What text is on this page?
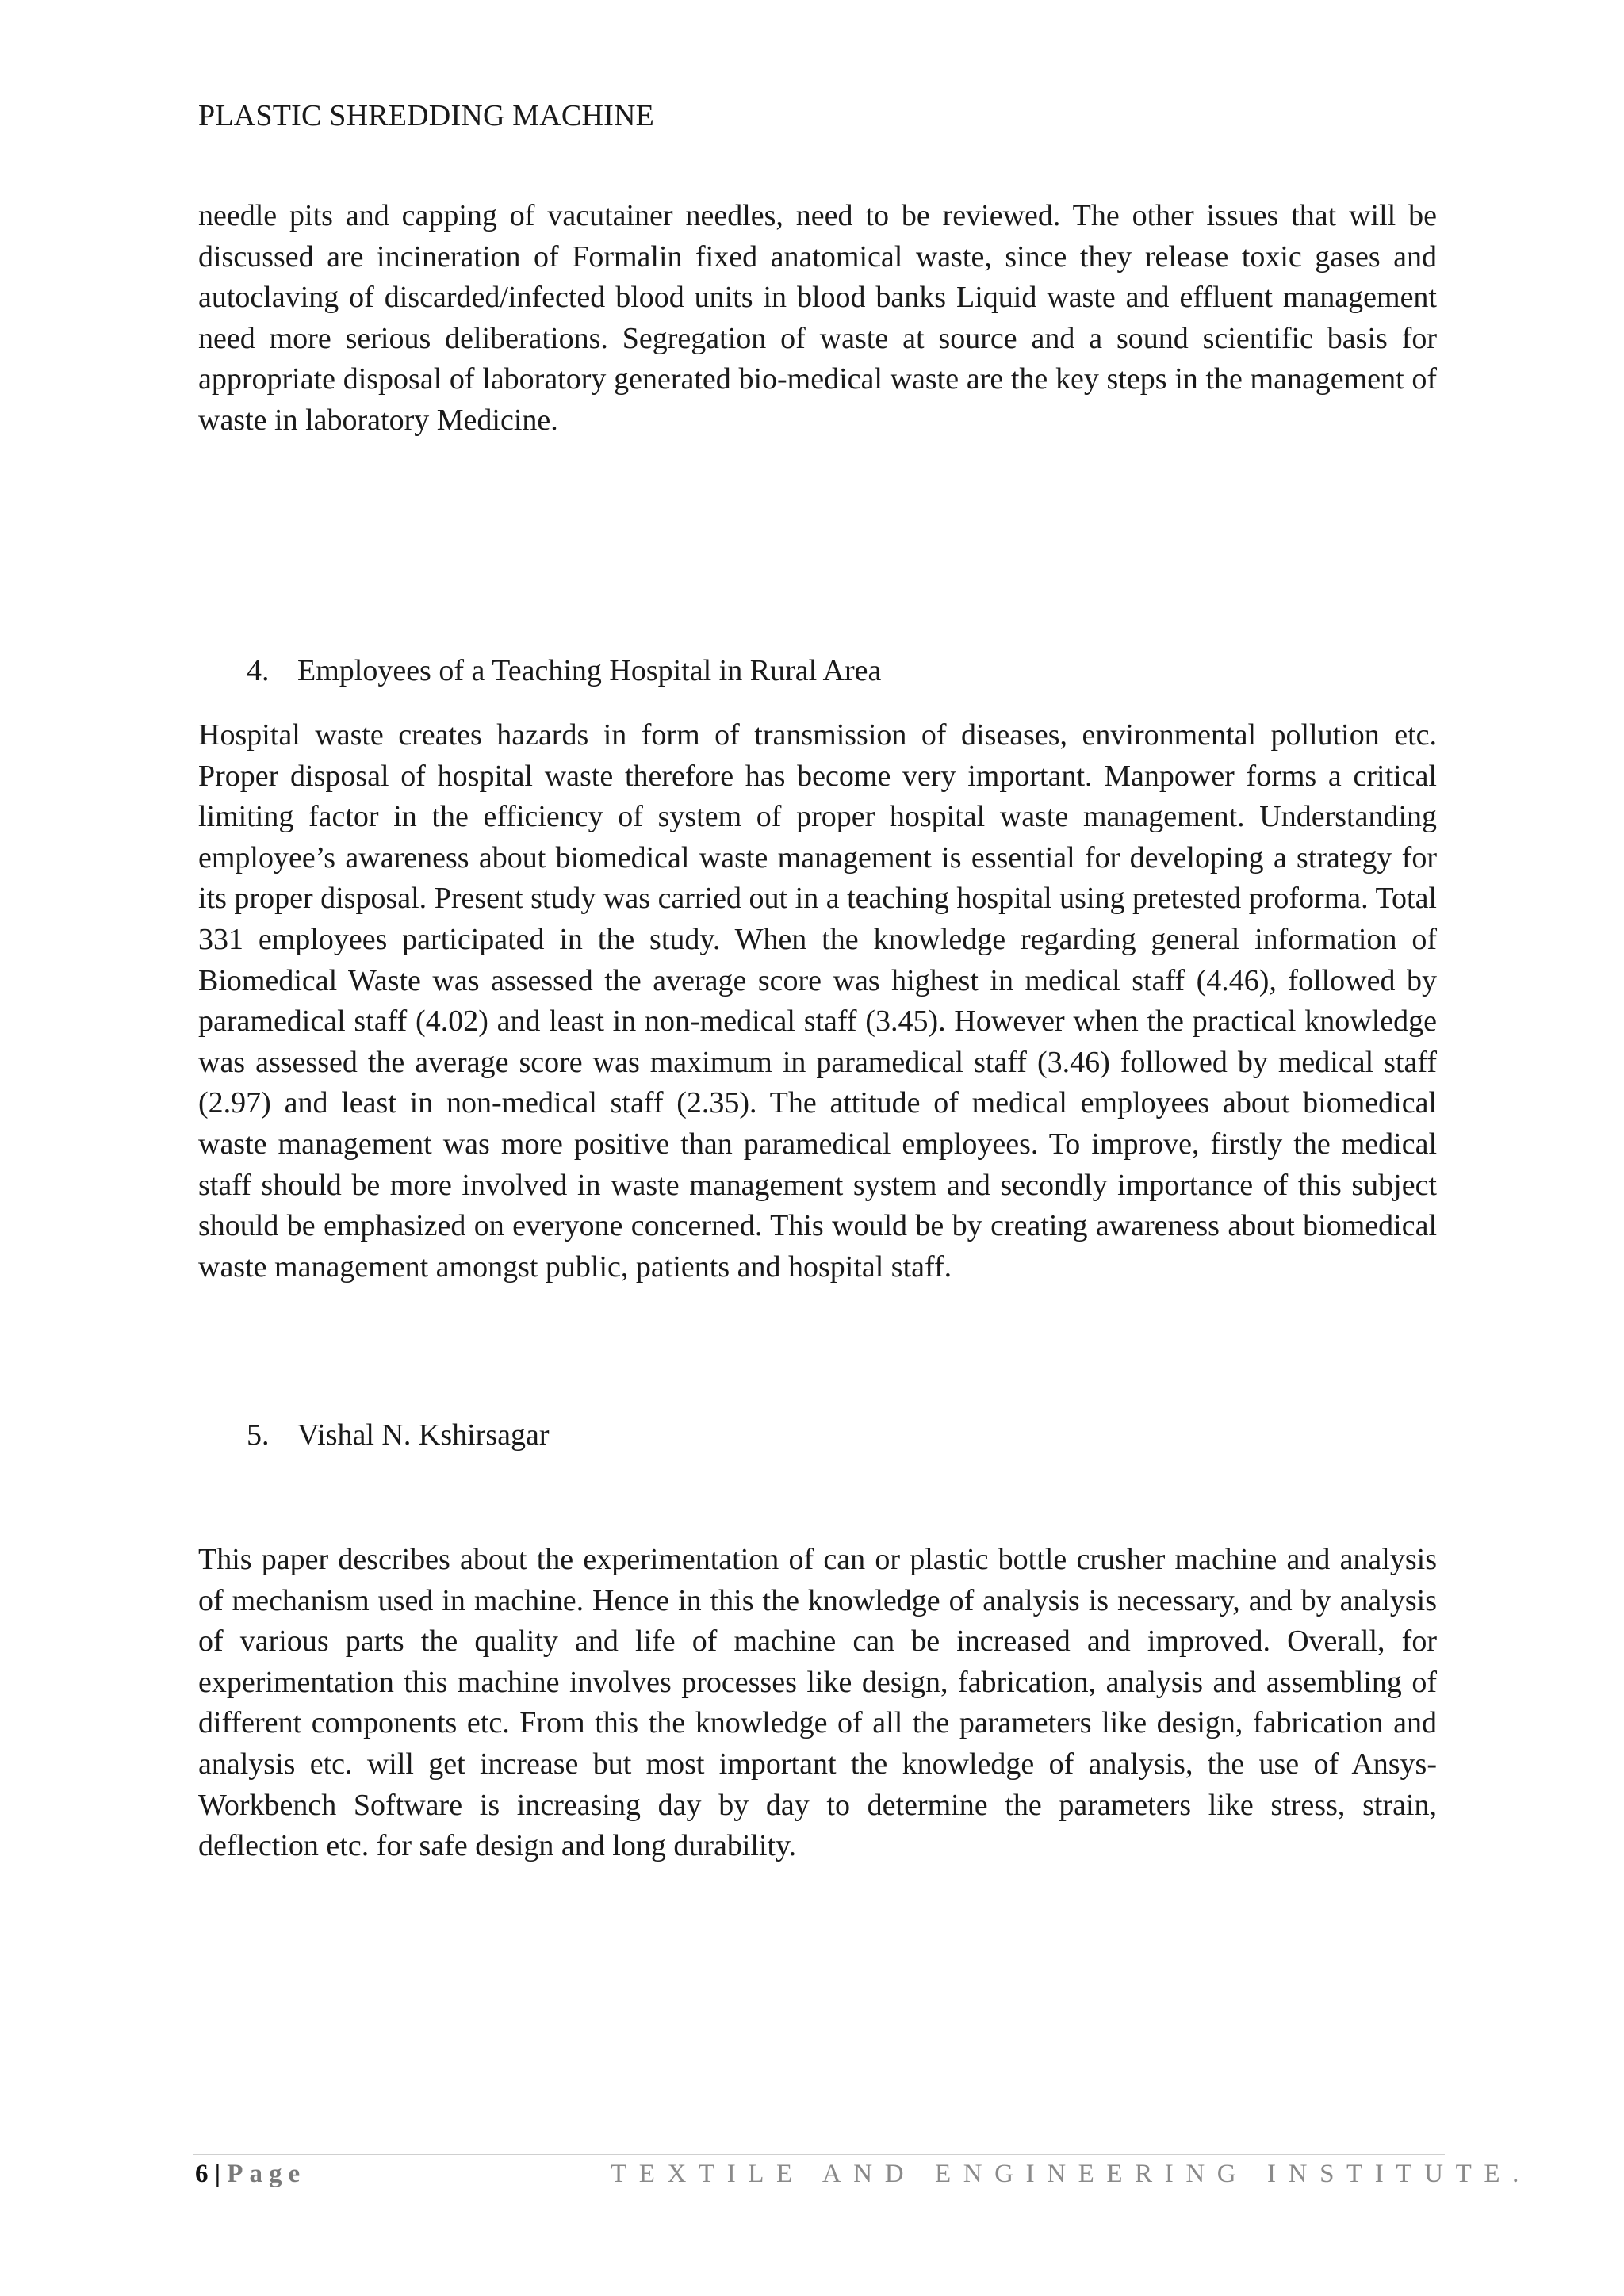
PLASTIC SHREDDING MACHINE

needle pits and capping of vacutainer needles, need to be reviewed. The other issues that will be discussed are incineration of Formalin fixed anatomical waste, since they release toxic gases and autoclaving of discarded/infected blood units in blood banks Liquid waste and effluent management need more serious deliberations. Segregation of waste at source and a sound scientific basis for appropriate disposal of laboratory generated bio-medical waste are the key steps in the management of waste in laboratory Medicine.

4. Employees of a Teaching Hospital in Rural Area

Hospital waste creates hazards in form of transmission of diseases, environmental pollution etc. Proper disposal of hospital waste therefore has become very important. Manpower forms a critical limiting factor in the efficiency of system of proper hospital waste management. Understanding employee’s awareness about biomedical waste management is essential for developing a strategy for its proper disposal. Present study was carried out in a teaching hospital using pretested proforma. Total 331 employees participated in the study. When the knowledge regarding general information of Biomedical Waste was assessed the average score was highest in medical staff (4.46), followed by paramedical staff (4.02) and least in non-medical staff (3.45). However when the practical knowledge was assessed the average score was maximum in paramedical staff (3.46) followed by medical staff (2.97) and least in non-medical staff (2.35). The attitude of medical employees about biomedical waste management was more positive than paramedical employees. To improve, firstly the medical staff should be more involved in waste management system and secondly importance of this subject should be emphasized on everyone concerned. This would be by creating awareness about biomedical waste management amongst public, patients and hospital staff.

5. Vishal N. Kshirsagar

This paper describes about the experimentation of can or plastic bottle crusher machine and analysis of mechanism used in machine. Hence in this the knowledge of analysis is necessary, and by analysis of various parts the quality and life of machine can be increased and improved. Overall, for experimentation this machine involves processes like design, fabrication, analysis and assembling of different components etc. From this the knowledge of all the parameters like design, fabrication and analysis etc. will get increase but most important the knowledge of analysis, the use of Ansys-Workbench Software is increasing day by day to determine the parameters like stress, strain, deflection etc. for safe design and long durability.

6 | Page	TEXTILE AND ENGINEERING INSTITUTE.
